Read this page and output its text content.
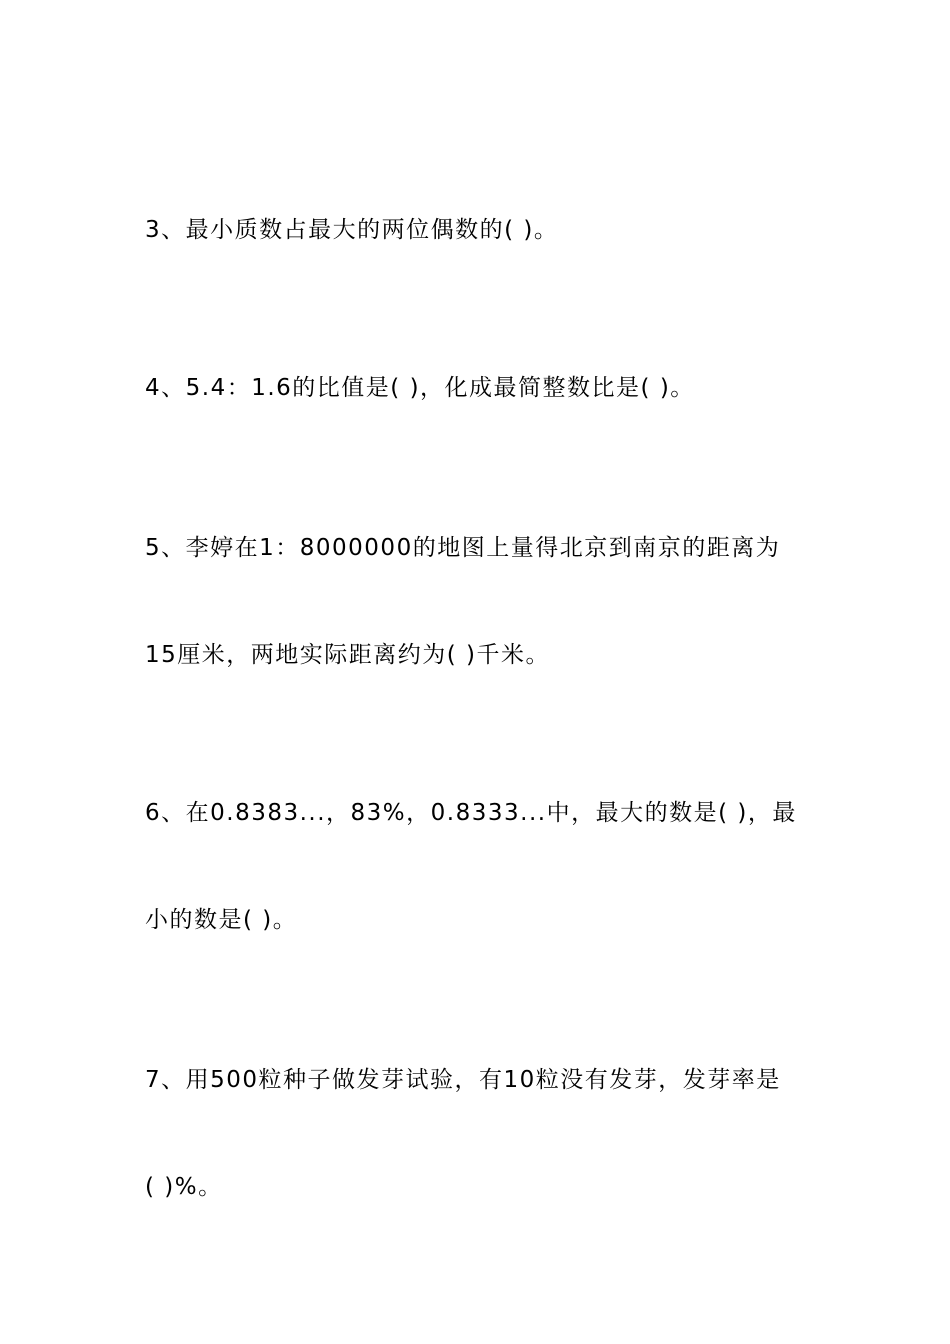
3、最小质数占最大的两位偶数的( )。
4、5.4：1.6的比值是( )，化成最简整数比是( )。
5、李婷在1：8000000的地图上量得北京到南京的距离为
15厘米，两地实际距离约为( )千米。
6、在0.8383...，83%，0.8333...中，最大的数是( )，最
小的数是( )。
7、用500粒种子做发芽试验，有10粒没有发芽，发芽率是
( )%。
